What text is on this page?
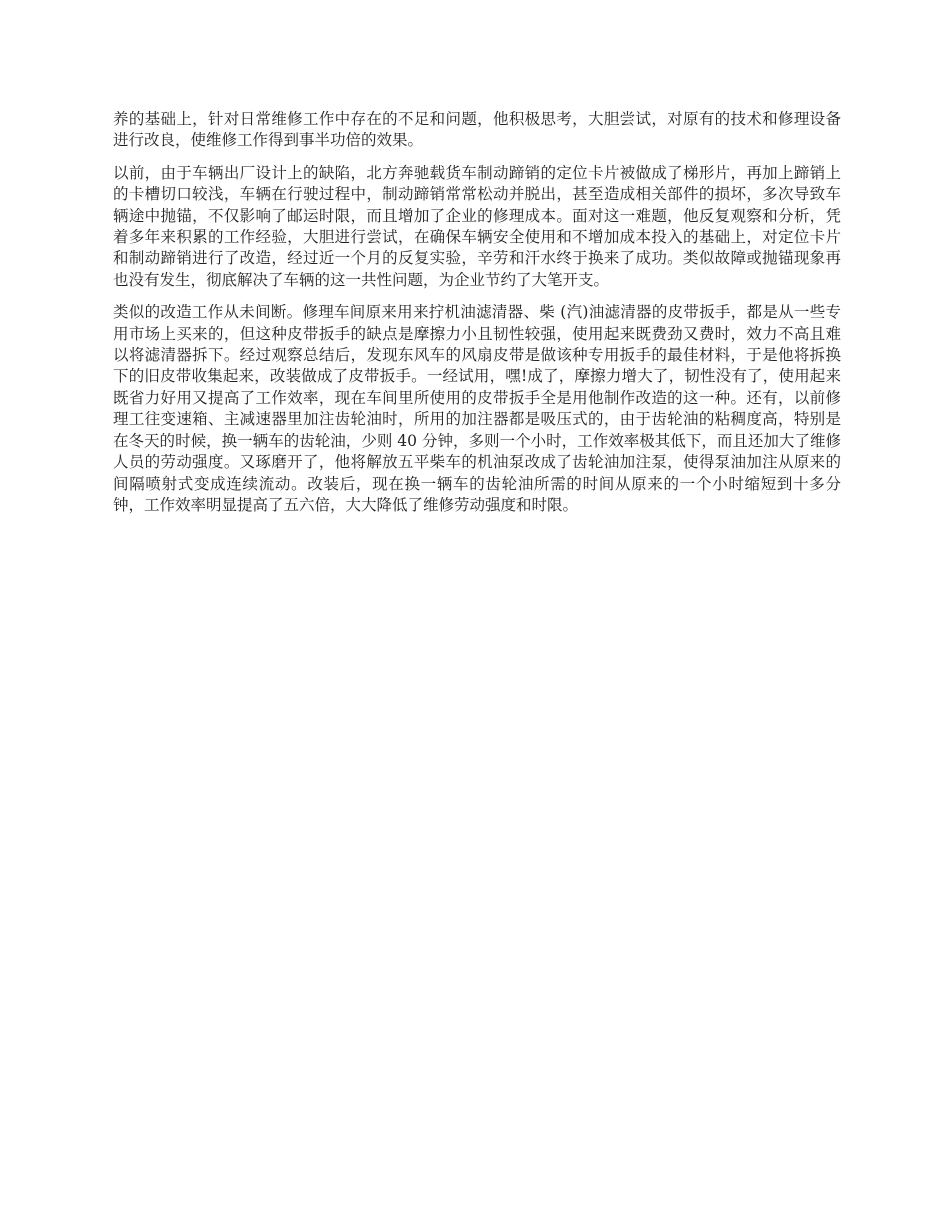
养的基础上，针对日常维修工作中存在的不足和问题，他积极思考，大胆尝试，对原有的技术和修理设备进行改良，使维修工作得到事半功倍的效果。

以前，由于车辆出厂设计上的缺陷，北方奔驰载货车制动蹄销的定位卡片被做成了梯形片，再加上蹄销上的卡槽切口较浅，车辆在行驶过程中，制动蹄销常常松动并脱出，甚至造成相关部件的损坏，多次导致车辆途中抛锚，不仅影响了邮运时限，而且增加了企业的修理成本。面对这一难题，他反复观察和分析，凭着多年来积累的工作经验，大胆进行尝试，在确保车辆安全使用和不增加成本投入的基础上，对定位卡片和制动蹄销进行了改造，经过近一个月的反复实验，辛劳和汗水终于换来了成功。类似故障或抛锚现象再也没有发生，彻底解决了车辆的这一共性问题，为企业节约了大笔开支。

类似的改造工作从未间断。修理车间原来用来拧机油滤清器、柴 (汽)油滤清器的皮带扳手，都是从一些专用市场上买来的，但这种皮带扳手的缺点是摩擦力小且韧性较强，使用起来既费劲又费时，效力不高且难以将滤清器拆下。经过观察总结后，发现东风车的风扇皮带是做该种专用扳手的最佳材料，于是他将拆换下的旧皮带收集起来，改装做成了皮带扳手。一经试用，嘿!成了，摩擦力增大了，韧性没有了，使用起来既省力好用又提高了工作效率，现在车间里所使用的皮带扳手全是用他制作改造的这一种。还有，以前修理工往变速箱、主减速器里加注齿轮油时，所用的加注器都是吸压式的，由于齿轮油的粘稠度高，特别是在冬天的时候，换一辆车的齿轮油，少则 40 分钟，多则一个小时，工作效率极其低下，而且还加大了维修人员的劳动强度。又琢磨开了，他将解放五平柴车的机油泵改成了齿轮油加注泵，使得泵油加注从原来的间隔喷射式变成连续流动。改装后，现在换一辆车的齿轮油所需的时间从原来的一个小时缩短到十多分钟，工作效率明显提高了五六倍，大大降低了维修劳动强度和时限。
